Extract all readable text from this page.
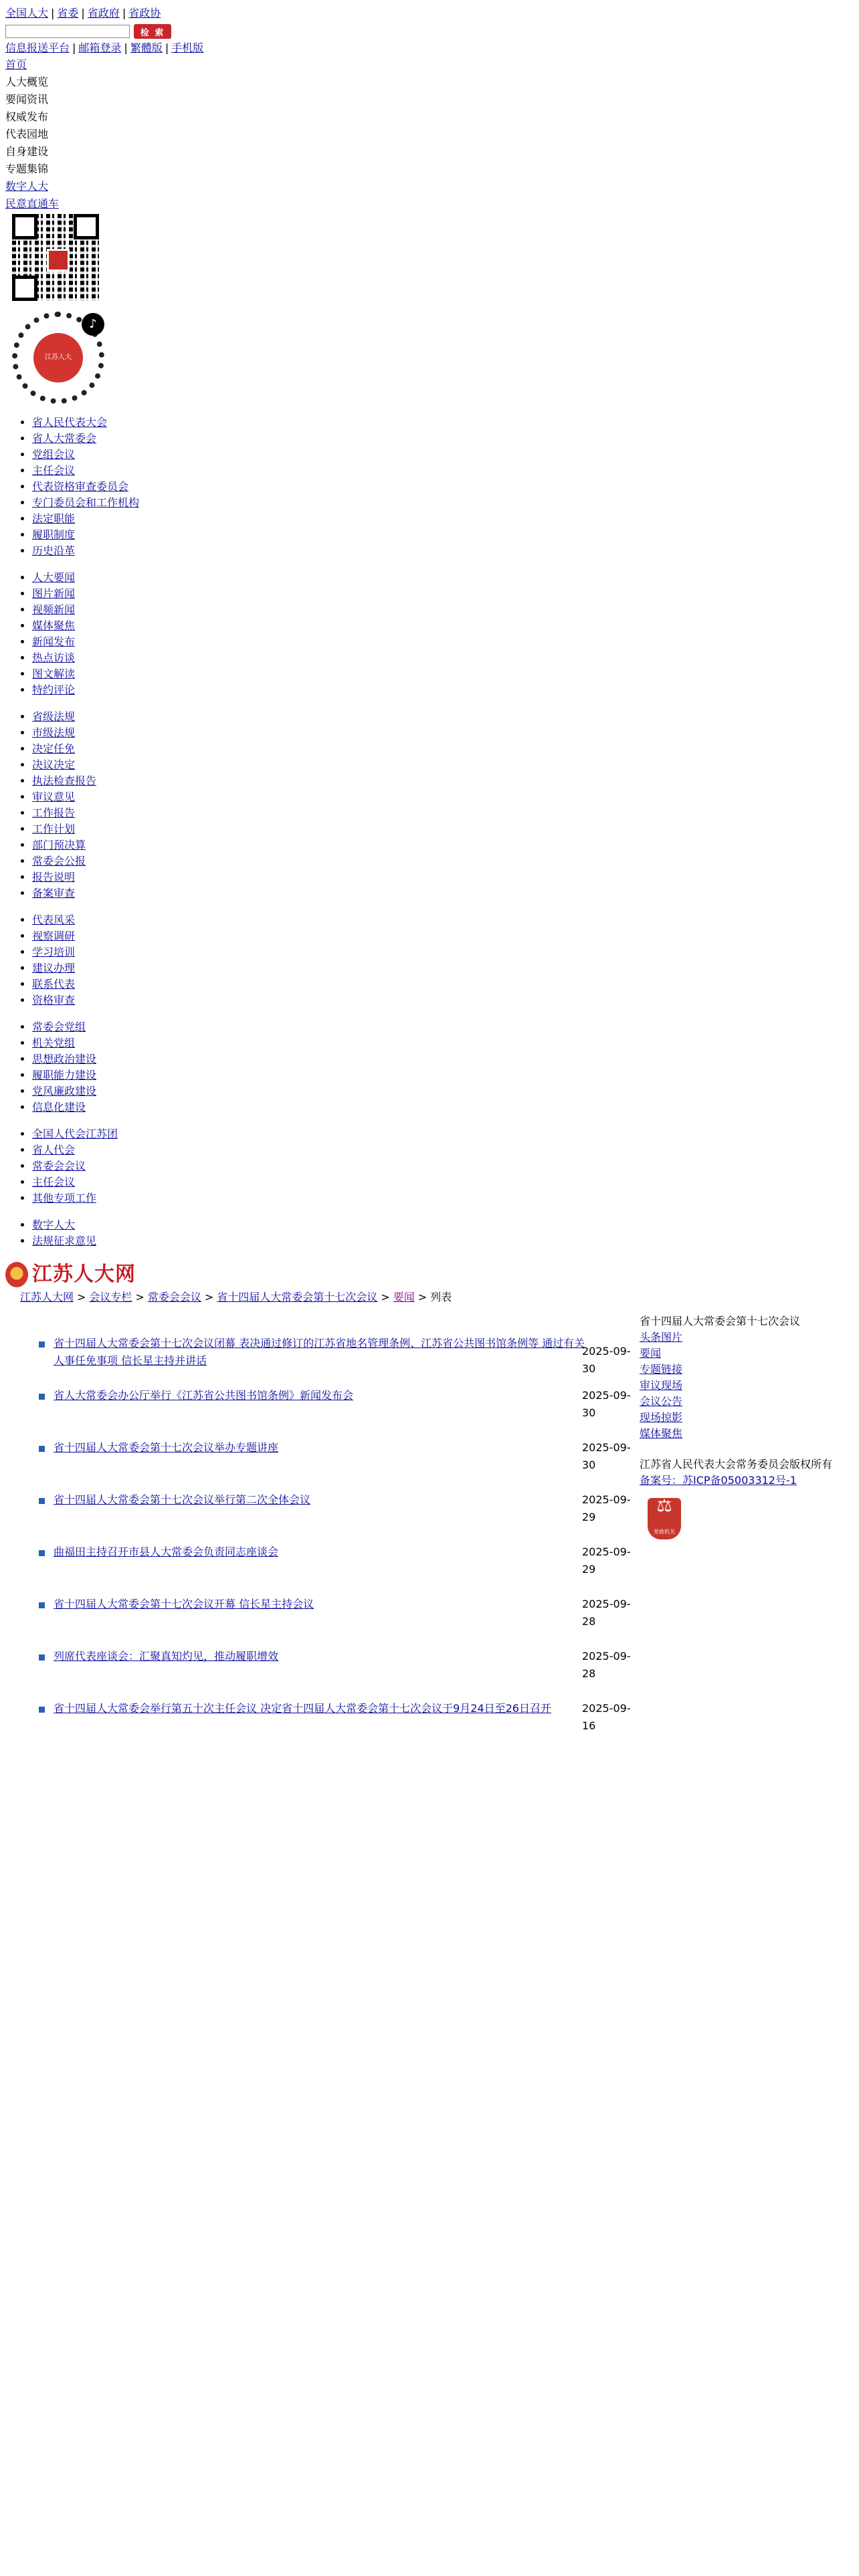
全国人大 | 省委 | 省政府 | 省政协
检 索
信息报送平台 | 邮箱登录 | 繁體版 | 手机版
首页
人大概览
要闻资讯
权威发布
代表园地
自身建设
专题集锦
数字人大
民意直通车
江苏人大
♪
• 省人民代表大会
• 省人大常委会
• 党组会议
• 主任会议
• 代表资格审查委员会
• 专门委员会和工作机构
• 法定职能
• 履职制度
• 历史沿革
• 人大要闻
• 图片新闻
• 视频新闻
• 媒体聚焦
• 新闻发布
• 热点访谈
• 图文解读
• 特约评论
• 省级法规
• 市级法规
• 决定任免
• 决议决定
• 执法检查报告
• 审议意见
• 工作报告
• 工作计划
• 部门预决算
• 常委会公报
• 报告说明
• 备案审查
• 代表风采
• 视察调研
• 学习培训
• 建议办理
• 联系代表
• 资格审查
• 常委会党组
• 机关党组
• 思想政治建设
• 履职能力建设
• 党风廉政建设
• 信息化建设
• 全国人代会江苏团
• 省人代会
• 常委会会议
• 主任会议
• 其他专项工作
• 数字人大
• 法规征求意见
江苏人大网
江苏人大网 > 会议专栏 > 常委会会议 > 省十四届人大常委会第十七次会议 > 要闻 > 列表
省十四届人大常委会第十七次会议闭幕 表决通过修订的江苏省地名管理条例、江苏省公共图书馆条例等 通过有关人事任免事项 信长星主持并讲话
2025-09-30
省人大常委会办公厅举行《江苏省公共图书馆条例》新闻发布会	2025-09-30
省十四届人大常委会第十七次会议举办专题讲座	2025-09-30
省十四届人大常委会第十七次会议举行第二次全体会议	2025-09-29
曲福田主持召开市县人大常委会负责同志座谈会	2025-09-29
省十四届人大常委会第十七次会议开幕 信长星主持会议	2025-09-28
列席代表座谈会：汇聚真知灼见，推动履职增效	2025-09-28
省十四届人大常委会举行第五十次主任会议 决定省十四届人大常委会第十七次会议于9月24日至26日召开	2025-09-16
省十四届人大常委会第十七次会议
头条图片
要闻
专题链接
审议现场
会议公告
现场掠影
媒体聚焦
江苏省人民代表大会常务委员会版权所有
备案号：苏ICP备05003312号-1
⚖ 党政机关
